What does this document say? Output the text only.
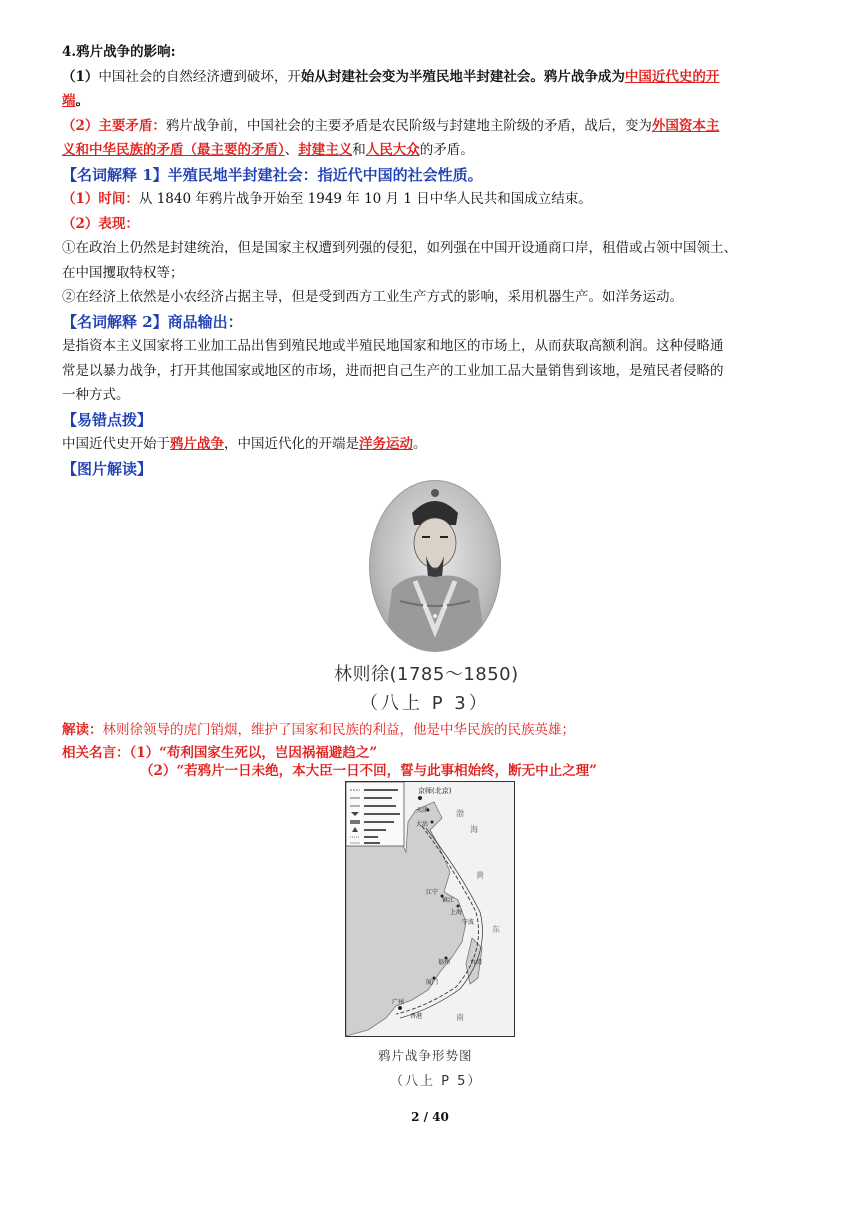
4.鸦片战争的影响:
（1）中国社会的自然经济遭到破坏，开始从封建社会变为半殖民地半封建社会。鸦片战争成为中国近代史的开
端。
（2）主要矛盾：鸦片战争前，中国社会的主要矛盾是农民阶级与封建地主阶级的矛盾，战后，变为外国资本主
义和中华民族的矛盾（最主要的矛盾）、封建主义和人民大众的矛盾。
【名词解释 1】半殖民地半封建社会：指近代中国的社会性质。
（1）时间：从 1840 年鸦片战争开始至 1949 年 10 月 1 日中华人民共和国成立结束。
（2）表现：
①在政治上仍然是封建统治，但是国家主权遭到列强的侵犯，如列强在中国开设通商口岸，租借或占领中国领土、
在中国攫取特权等；
②在经济上依然是小农经济占据主导，但是受到西方工业生产方式的影响，采用机器生产。如洋务运动。
【名词解释 2】商品输出：
是指资本主义国家将工业加工品出售到殖民地或半殖民地国家和地区的市场上，从而获取高额利润。这种侵略通
常是以暴力战争，打开其他国家或地区的市场，进而把自己生产的工业加工品大量销售到该地，是殖民者侵略的
一种方式。
【易错点拨】
中国近代史开始于鸦片战争，中国近代化的开端是洋务运动。
【图片解读】
林则徐(1785～1850)
（八上 P 3）
解读：林则徐领导的虎门销烟，维护了国家和民族的利益，他是中华民族的民族英雄；
相关名言：（1）“苟利国家生死以，岂因祸福避趋之”
（2）“若鸦片一日未绝，本大臣一日不回，誓与此事相始终，断无中止之理”
京师(北京)
天津
大沽
江宁
镇江
上海
宁波
福州
厦门
台湾
广州
香港
渤
海
黄
东
南
鸦片战争形势图
（八上 P 5）
2 / 40
